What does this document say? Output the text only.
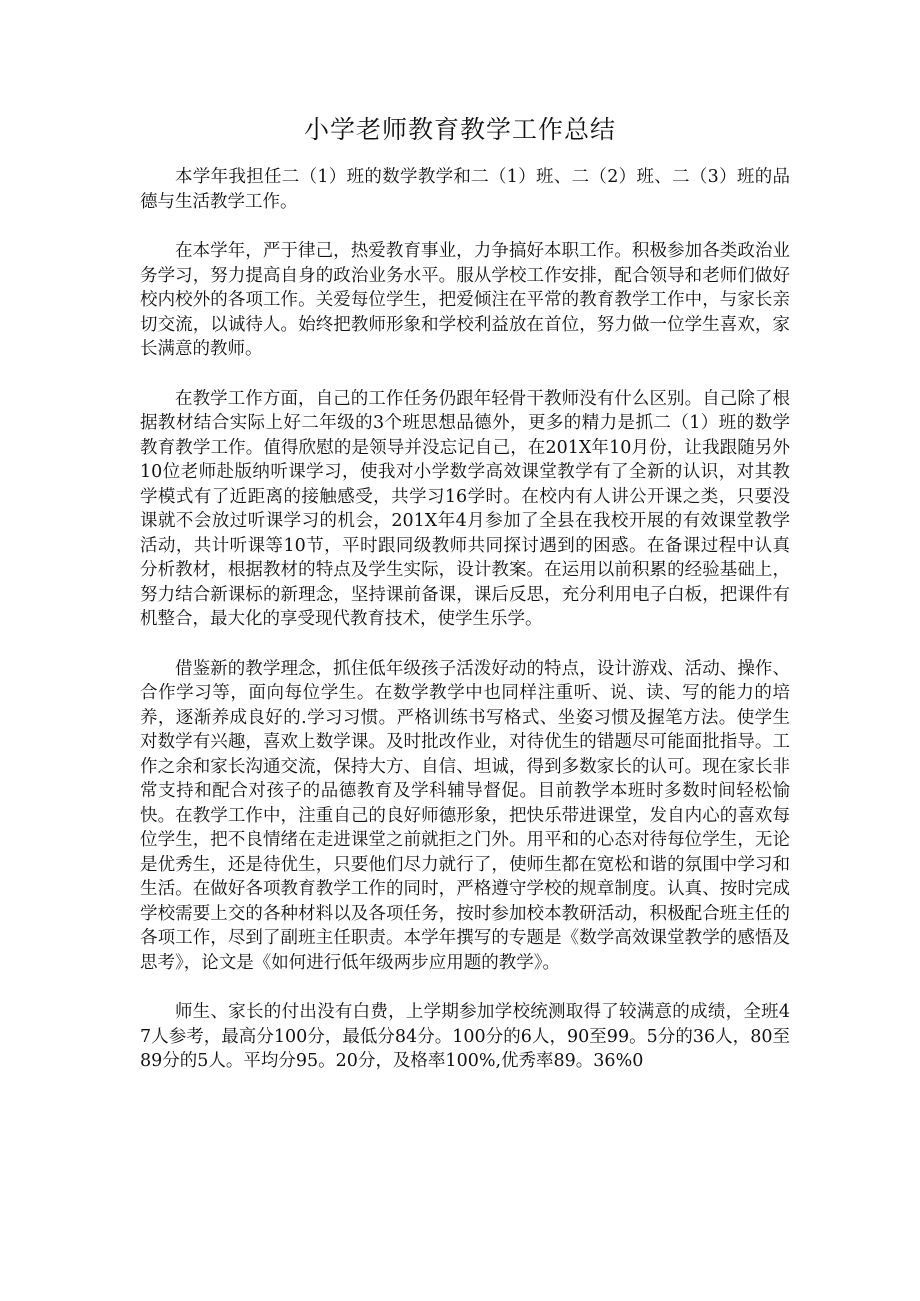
小学老师教育教学工作总结

本学年我担任二（1）班的数学教学和二（1）班、二（2）班、二（3）班的品德与生活教学工作。

在本学年，严于律己，热爱教育事业，力争搞好本职工作。积极参加各类政治业务学习，努力提高自身的政治业务水平。服从学校工作安排，配合领导和老师们做好校内校外的各项工作。关爱每位学生，把爱倾注在平常的教育教学工作中，与家长亲切交流，以诚待人。始终把教师形象和学校利益放在首位，努力做一位学生喜欢，家长满意的教师。

在教学工作方面，自己的工作任务仍跟年轻骨干教师没有什么区别。自己除了根据教材结合实际上好二年级的3个班思想品德外，更多的精力是抓二（1）班的数学教育教学工作。值得欣慰的是领导并没忘记自己，在201X年10月份，让我跟随另外10位老师赴版纳听课学习，使我对小学数学高效课堂教学有了全新的认识，对其教学模式有了近距离的接触感受，共学习16学时。在校内有人讲公开课之类，只要没课就不会放过听课学习的机会，201X年4月参加了全县在我校开展的有效课堂教学活动，共计听课等10节，平时跟同级教师共同探讨遇到的困惑。在备课过程中认真分析教材，根据教材的特点及学生实际，设计教案。在运用以前积累的经验基础上，努力结合新课标的新理念，坚持课前备课，课后反思，充分利用电子白板，把课件有机整合，最大化的享受现代教育技术，使学生乐学。

借鉴新的教学理念，抓住低年级孩子活泼好动的特点，设计游戏、活动、操作、合作学习等，面向每位学生。在数学教学中也同样注重听、说、读、写的能力的培养，逐渐养成良好的.学习习惯。严格训练书写格式、坐姿习惯及握笔方法。使学生对数学有兴趣，喜欢上数学课。及时批改作业，对待优生的错题尽可能面批指导。工作之余和家长沟通交流，保持大方、自信、坦诚，得到多数家长的认可。现在家长非常支持和配合对孩子的品德教育及学科辅导督促。目前教学本班时多数时间轻松愉快。在教学工作中，注重自己的良好师德形象，把快乐带进课堂，发自内心的喜欢每位学生，把不良情绪在走进课堂之前就拒之门外。用平和的心态对待每位学生，无论是优秀生，还是待优生，只要他们尽力就行了，使师生都在宽松和谐的氛围中学习和生活。在做好各项教育教学工作的同时，严格遵守学校的规章制度。认真、按时完成学校需要上交的各种材料以及各项任务，按时参加校本教研活动，积极配合班主任的各项工作，尽到了副班主任职责。本学年撰写的专题是《数学高效课堂教学的感悟及思考》，论文是《如何进行低年级两步应用题的教学》。

师生、家长的付出没有白费，上学期参加学校统测取得了较满意的成绩，全班47人参考，最高分100分，最低分84分。100分的6人，90至99。5分的36人，80至89分的5人。平均分95。20分，及格率100%,优秀率89。36%0
